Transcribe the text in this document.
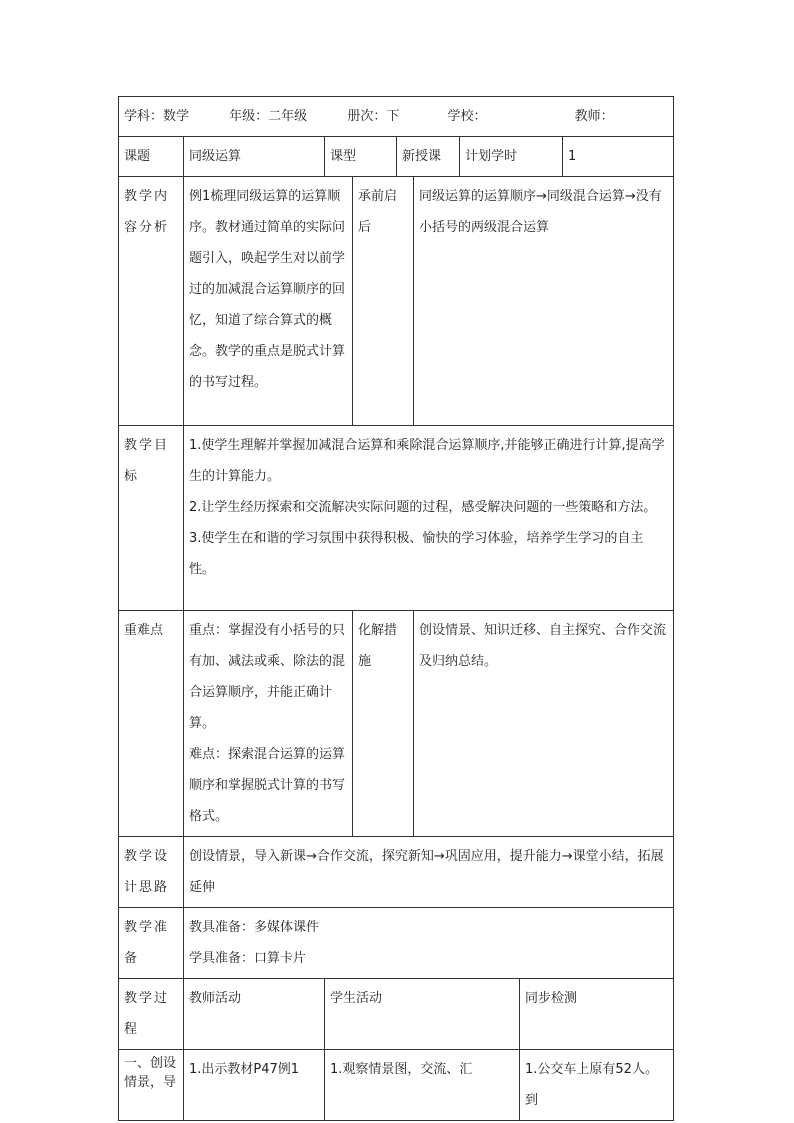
学科：数学 年级：二年级 册次：下 学校： 教师：								
课题	同级运算	课型		新授课		计划学时		1
教学内容分析	例1梳理同级运算的运算顺序。教材通过简单的实际问题引入，唤起学生对以前学过的加减混合运算顺序的回忆，知道了综合算式的概念。教学的重点是脱式计算的书写过程。		承前启后		同级运算的运算顺序→同级混合运算→没有小括号的两级混合运算			
教学目标	1.使学生理解并掌握加减混合运算和乘除混合运算顺序,并能够正确进行计算,提高学生的计算能力。
2.让学生经历探索和交流解决实际问题的过程，感受解决问题的一些策略和方法。
3.使学生在和谐的学习氛围中获得积极、愉快的学习体验，培养学生学习的自主性。							

重难点	重点：掌握没有小括号的只有加、减法或乘、除法的混合运算顺序，并能正确计算。
难点：探索混合运算的运算顺序和掌握脱式计算的书写格式。		化解措施		创设情景、知识迁移、自主探究、合作交流及归纳总结。			
教学设计思路	创设情景，导入新课→合作交流，探究新知→巩固应用，提升能力→课堂小结，拓展延伸							
教学准备	教具准备：多媒体课件
学具准备：口算卡片							

教学过程	教师活动	学生活动					同步检测	
一、创设情景，导	1.出示教材P47例1	1.观察情景图，交流、汇					1.公交车上原有52人。到	
